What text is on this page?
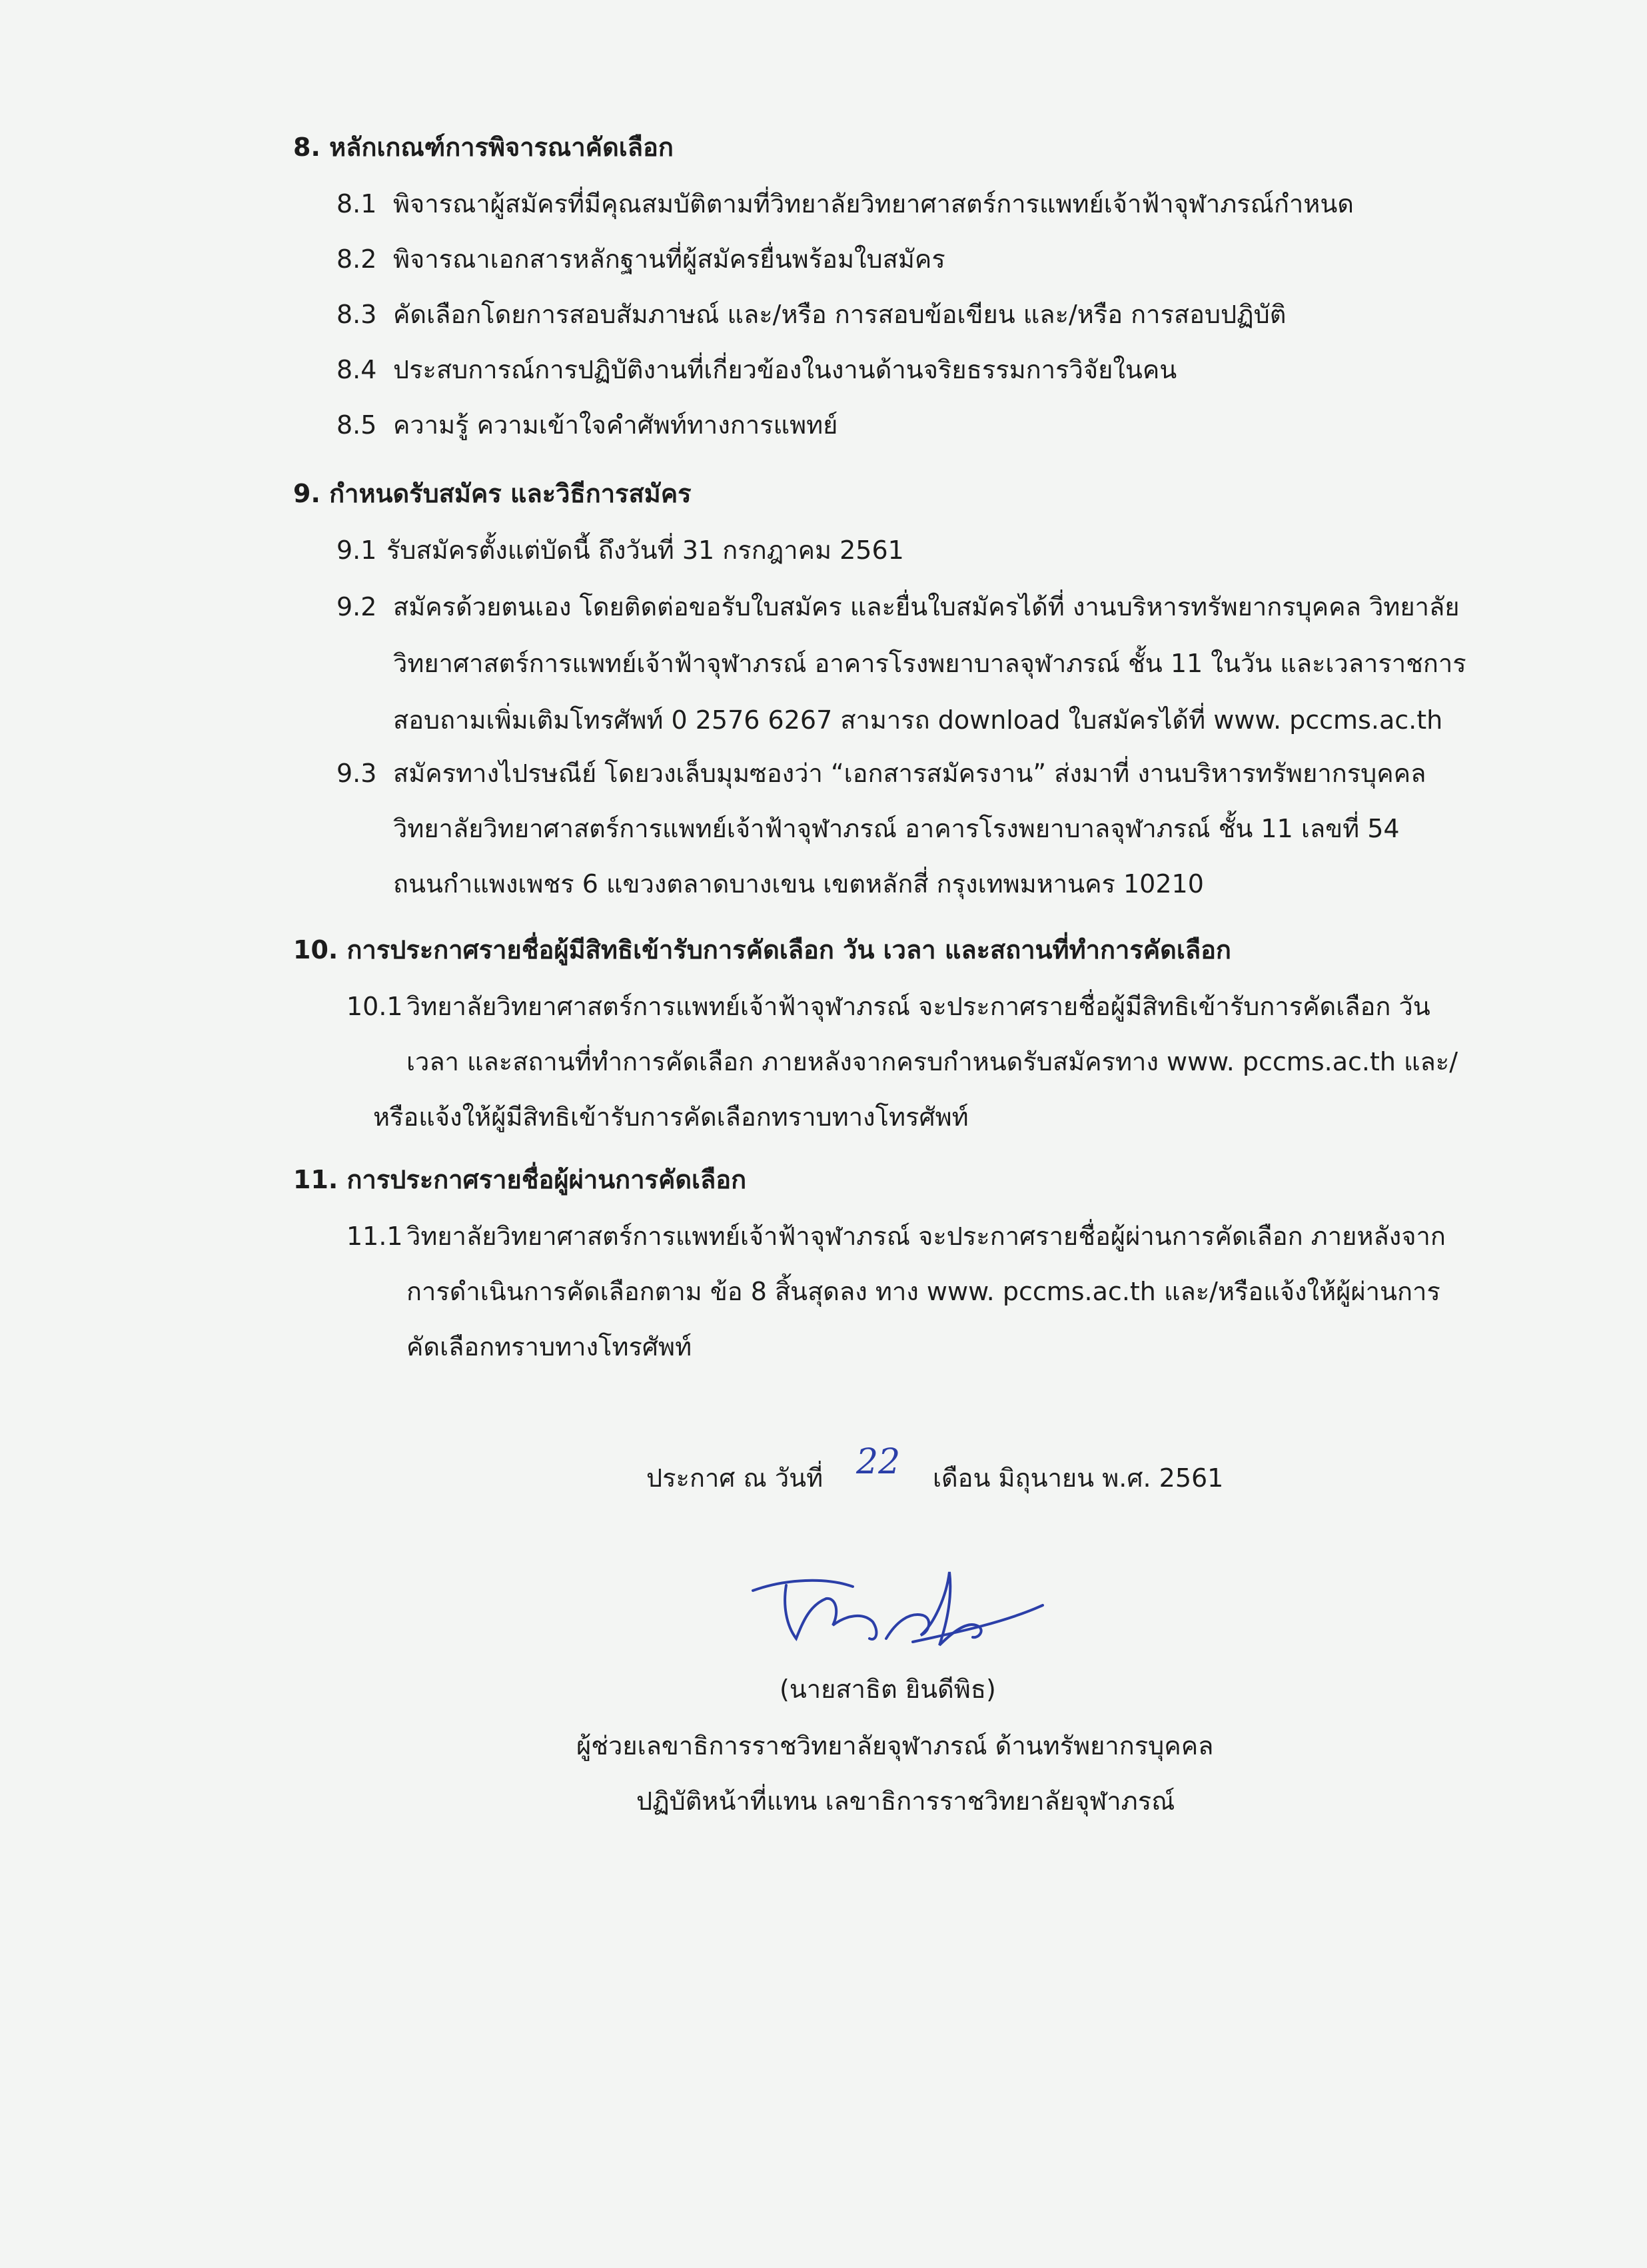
8. หลักเกณฑ์การพิจารณาคัดเลือก
8.1 พิจารณาผู้สมัครที่มีคุณสมบัติตามที่วิทยาลัยวิทยาศาสตร์การแพทย์เจ้าฟ้าจุฬาภรณ์กำหนด
8.2 พิจารณาเอกสารหลักฐานที่ผู้สมัครยื่นพร้อมใบสมัคร
8.3 คัดเลือกโดยการสอบสัมภาษณ์ และ/หรือ การสอบข้อเขียน และ/หรือ การสอบปฏิบัติ
8.4 ประสบการณ์การปฏิบัติงานที่เกี่ยวข้องในงานด้านจริยธรรมการวิจัยในคน
8.5 ความรู้ ความเข้าใจคำศัพท์ทางการแพทย์
9. กำหนดรับสมัคร และวิธีการสมัคร
9.1 รับสมัครตั้งแต่บัดนี้ ถึงวันที่ 31 กรกฎาคม 2561
9.2 สมัครด้วยตนเอง โดยติดต่อขอรับใบสมัคร และยื่นใบสมัครได้ที่ งานบริหารทรัพยากรบุคคล วิทยาลัย
วิทยาศาสตร์การแพทย์เจ้าฟ้าจุฬาภรณ์ อาคารโรงพยาบาลจุฬาภรณ์ ชั้น 11 ในวัน และเวลาราชการ
สอบถามเพิ่มเติมโทรศัพท์ 0 2576 6267 สามารถ download ใบสมัครได้ที่ www. pccms.ac.th
9.3 สมัครทางไปรษณีย์ โดยวงเล็บมุมซองว่า “เอกสารสมัครงาน” ส่งมาที่ งานบริหารทรัพยากรบุคคล
วิทยาลัยวิทยาศาสตร์การแพทย์เจ้าฟ้าจุฬาภรณ์ อาคารโรงพยาบาลจุฬาภรณ์ ชั้น 11 เลขที่ 54
ถนนกำแพงเพชร 6 แขวงตลาดบางเขน เขตหลักสี่ กรุงเทพมหานคร 10210
10. การประกาศรายชื่อผู้มีสิทธิเข้ารับการคัดเลือก วัน เวลา และสถานที่ทำการคัดเลือก
10.1 วิทยาลัยวิทยาศาสตร์การแพทย์เจ้าฟ้าจุฬาภรณ์ จะประกาศรายชื่อผู้มีสิทธิเข้ารับการคัดเลือก วัน
เวลา และสถานที่ทำการคัดเลือก ภายหลังจากครบกำหนดรับสมัครทาง www. pccms.ac.th และ/
หรือแจ้งให้ผู้มีสิทธิเข้ารับการคัดเลือกทราบทางโทรศัพท์
11. การประกาศรายชื่อผู้ผ่านการคัดเลือก
11.1 วิทยาลัยวิทยาศาสตร์การแพทย์เจ้าฟ้าจุฬาภรณ์ จะประกาศรายชื่อผู้ผ่านการคัดเลือก ภายหลังจาก
การดำเนินการคัดเลือกตาม ข้อ 8 สิ้นสุดลง ทาง www. pccms.ac.th และ/หรือแจ้งให้ผู้ผ่านการ
คัดเลือกทราบทางโทรศัพท์
ประกาศ ณ วันที่ 22 เดือน มิถุนายน พ.ศ. 2561
(นายสาธิต ยินดีพิธ)
ผู้ช่วยเลขาธิการราชวิทยาลัยจุฬาภรณ์ ด้านทรัพยากรบุคคล
ปฏิบัติหน้าที่แทน เลขาธิการราชวิทยาลัยจุฬาภรณ์
